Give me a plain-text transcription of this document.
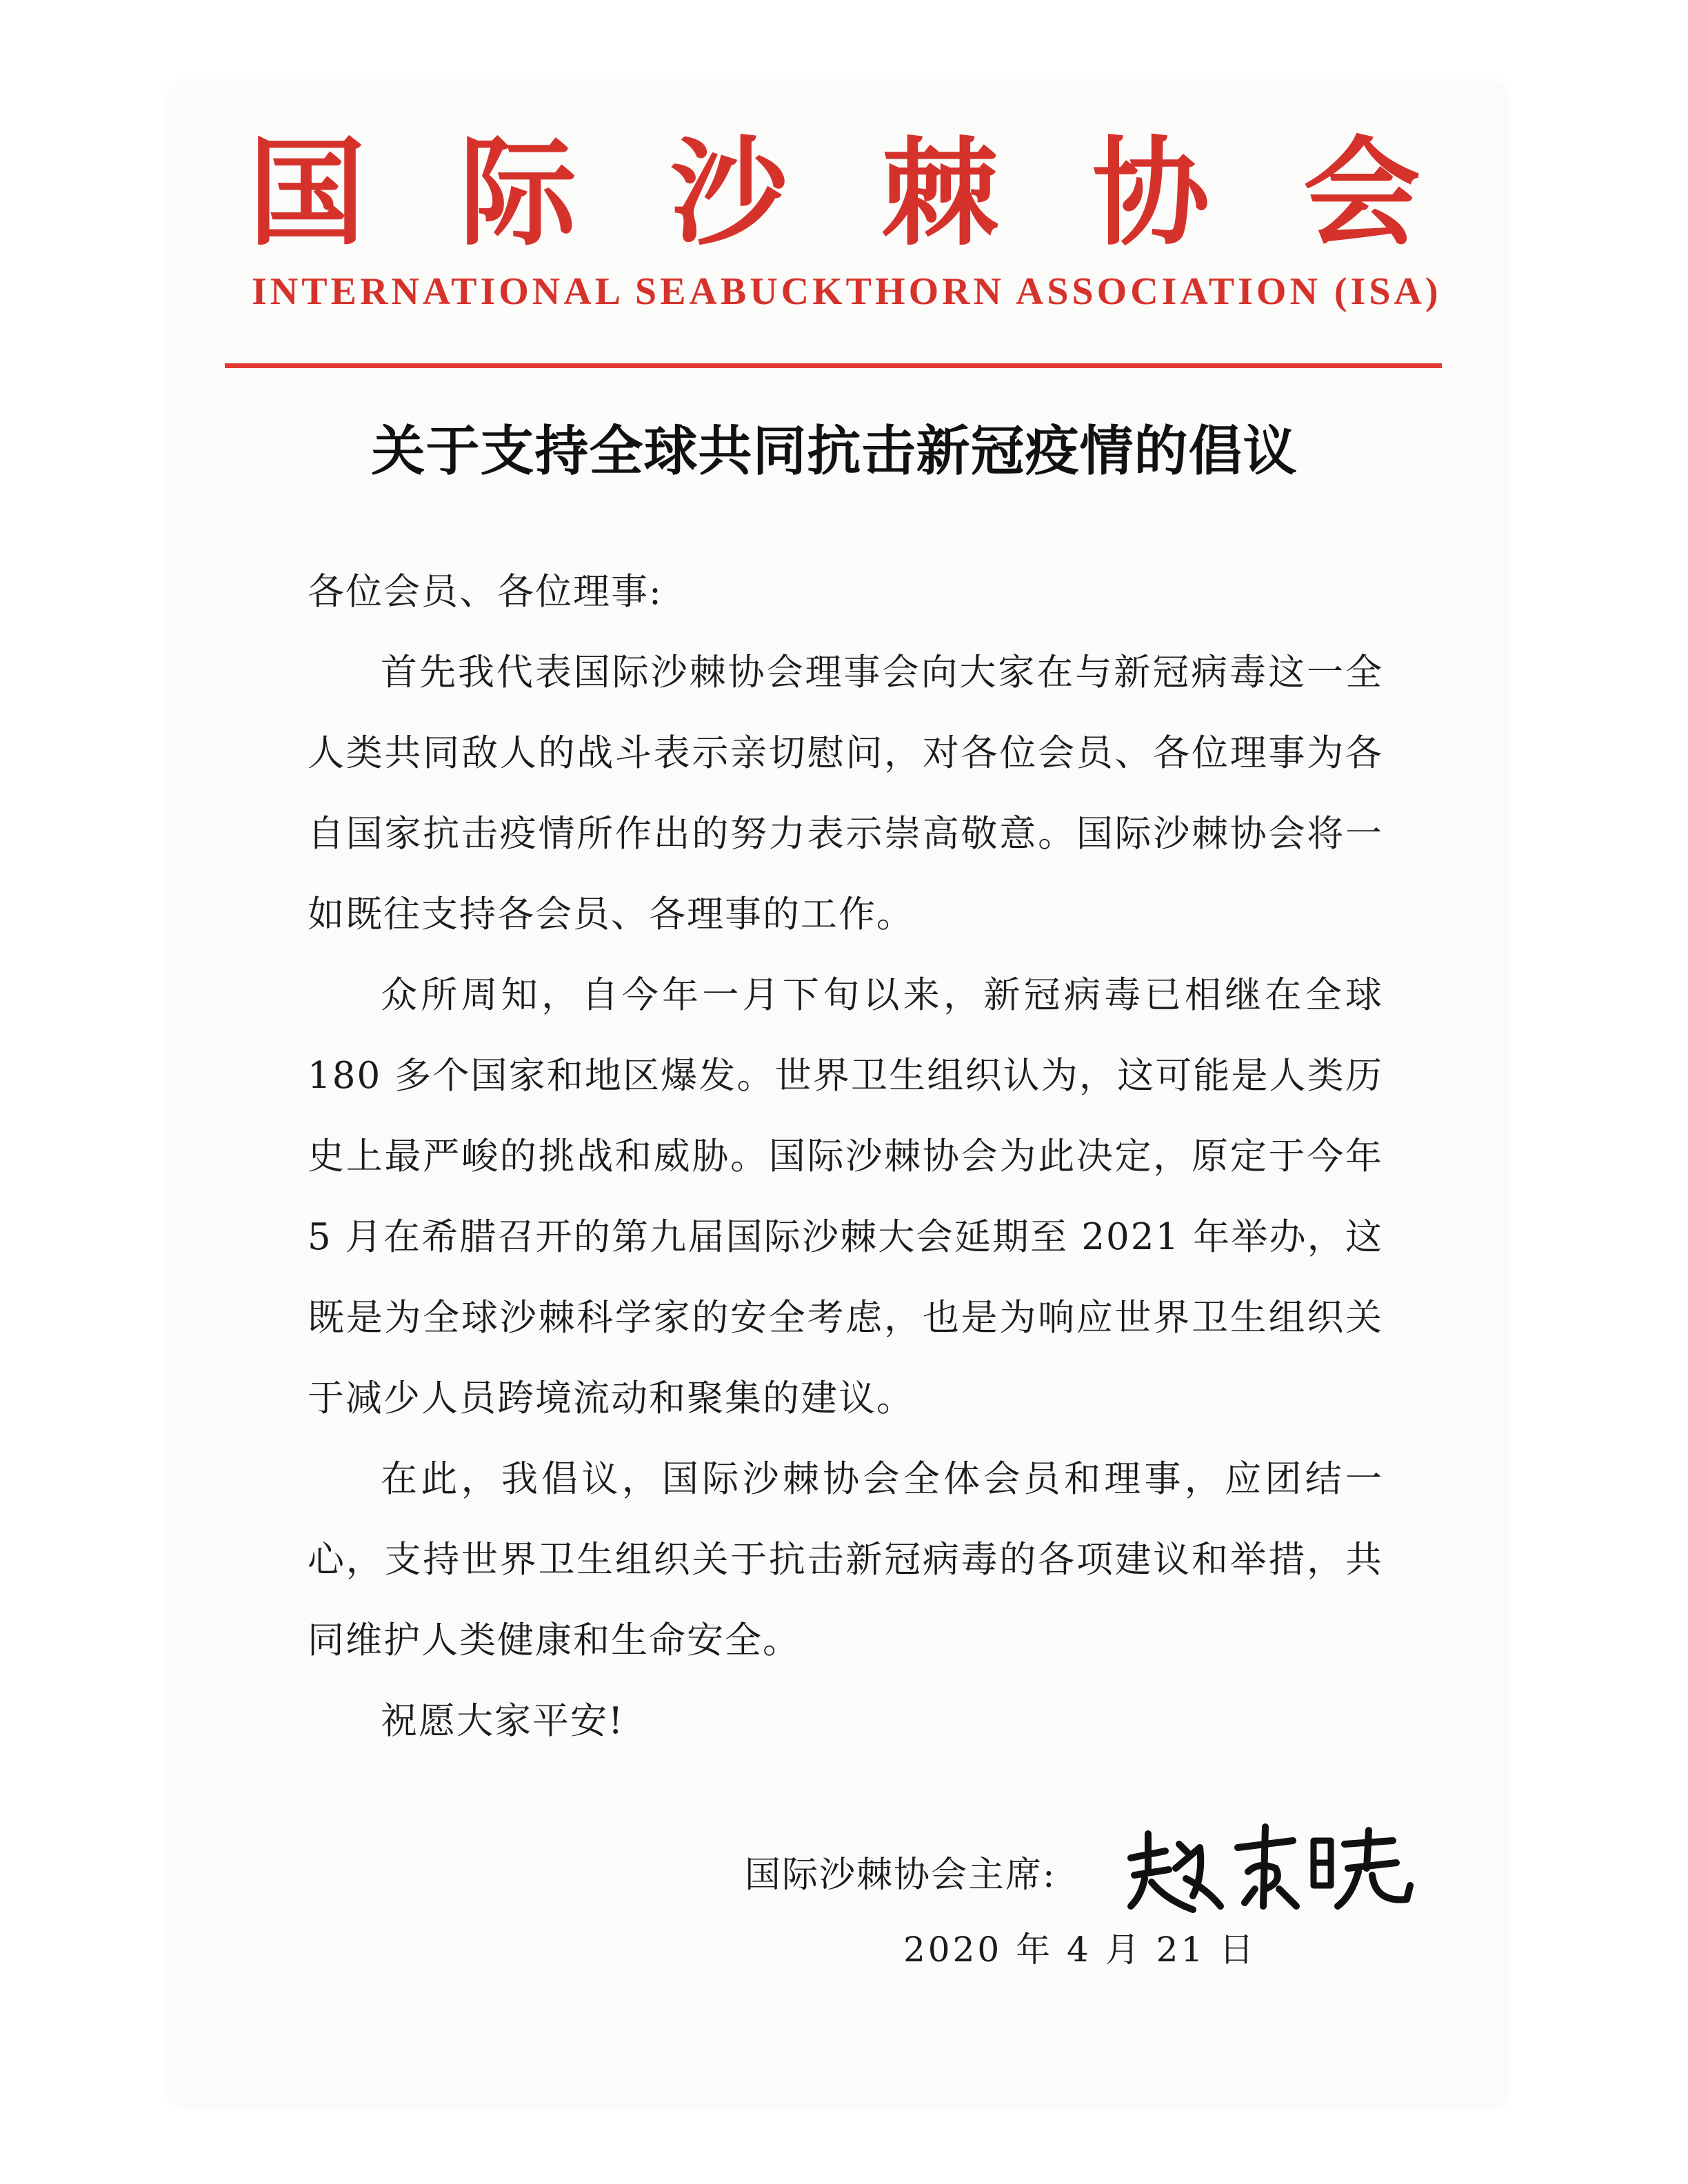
国 际 沙 棘 协 会
INTERNATIONAL SEABUCKTHORN ASSOCIATION (ISA)
关于支持全球共同抗击新冠疫情的倡议

各位会员、各位理事:

首先我代表国际沙棘协会理事会向大家在与新冠病毒这一全人类共同敌人的战斗表示亲切慰问，对各位会员、各位理事为各自国家抗击疫情所作出的努力表示崇高敬意。国际沙棘协会将一如既往支持各会员、各理事的工作。

众所周知，自今年一月下旬以来，新冠病毒已相继在全球 180 多个国家和地区爆发。世界卫生组织认为，这可能是人类历史上最严峻的挑战和威胁。国际沙棘协会为此决定，原定于今年 5 月在希腊召开的第九届国际沙棘大会延期至 2021 年举办，这既是为全球沙棘科学家的安全考虑，也是为响应世界卫生组织关于减少人员跨境流动和聚集的建议。

在此，我倡议，国际沙棘协会全体会员和理事，应团结一心，支持世界卫生组织关于抗击新冠病毒的各项建议和举措，共同维护人类健康和生命安全。

祝愿大家平安!

国际沙棘协会主席:
2020 年 4 月 21 日
